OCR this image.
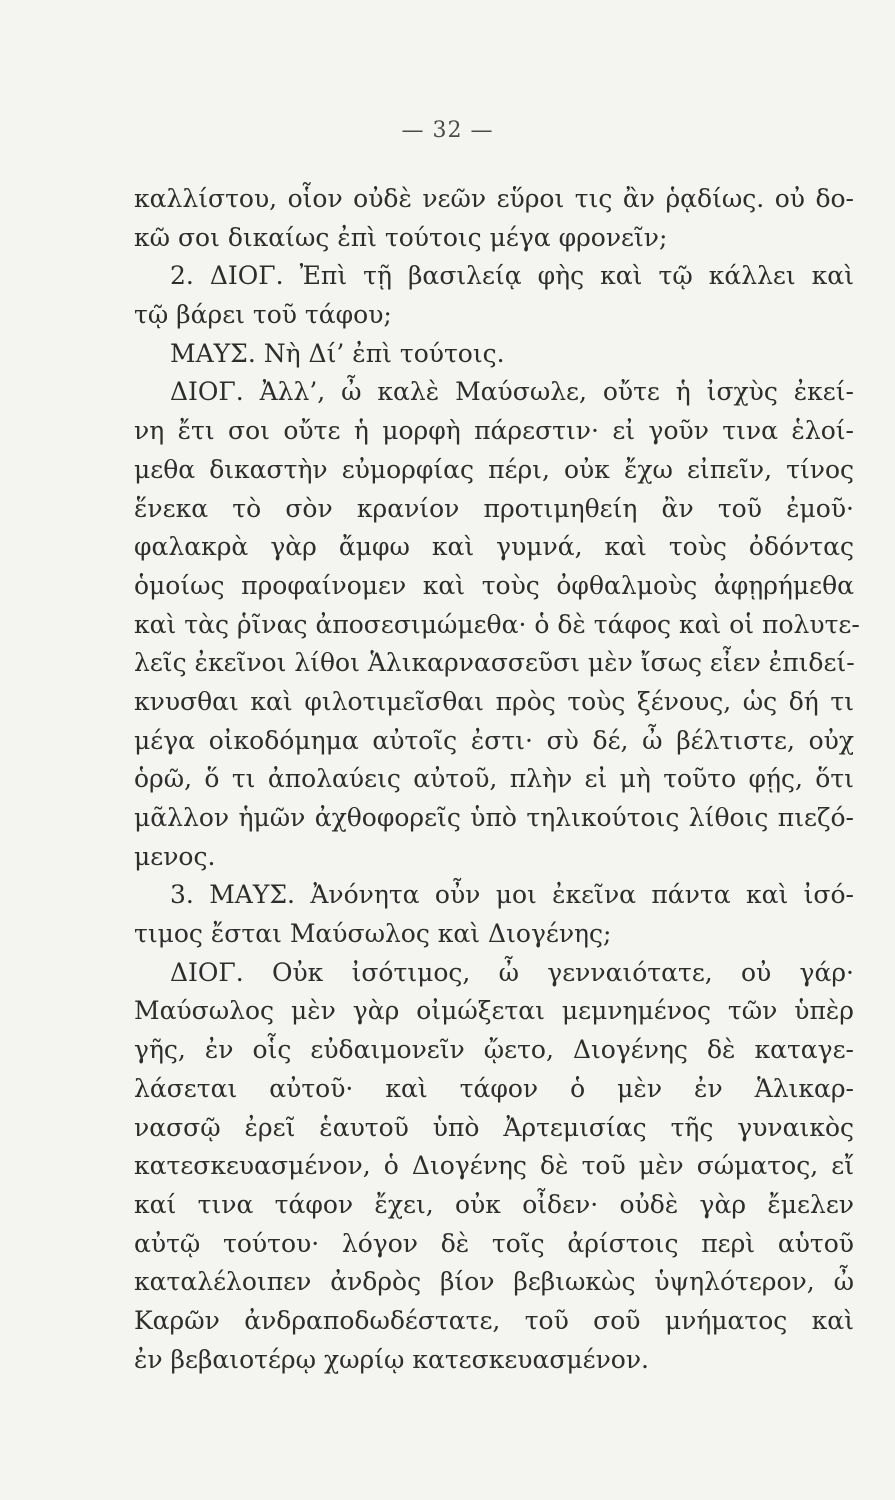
— 32 —
καλλίστου, οἷον οὐδὲ νεῶν εὕροι τις ἂν ῥᾳδίως. οὐ δο-
κῶ σοι δικαίως ἐπὶ τούτοις μέγα φρονεῖν;
2. ΔΙΟΓ. Ἐπὶ τῇ βασιλείᾳ φὴς καὶ τῷ κάλλει καὶ
τῷ βάρει τοῦ τάφου;
ΜΑΥΣ. Νὴ Δί’ ἐπὶ τούτοις.
ΔΙΟΓ. Ἀλλ’, ὦ καλὲ Μαύσωλε, οὔτε ἡ ἰσχὺς ἐκεί-
νη ἔτι σοι οὔτε ἡ μορφὴ πάρεστιν· εἰ γοῦν τινα ἑλοί-
μεθα δικαστὴν εὐμορφίας πέρι, οὐκ ἔχω εἰπεῖν, τίνος
ἕνεκα τὸ σὸν κρανίον προτιμηθείη ἂν τοῦ ἐμοῦ·
φαλακρὰ γὰρ ἄμφω καὶ γυμνά, καὶ τοὺς ὀδόντας
ὁμοίως προφαίνομεν καὶ τοὺς ὀφθαλμοὺς ἀφῃρήμεθα
καὶ τὰς ῥῖνας ἀποσεσιμώμεθα· ὁ δὲ τάφος καὶ οἱ πολυτε-
λεῖς ἐκεῖνοι λίθοι Ἁλικαρνασσεῦσι μὲν ἴσως εἶεν ἐπιδεί-
κνυσθαι καὶ φιλοτιμεῖσθαι πρὸς τοὺς ξένους, ὡς δή τι
μέγα οἰκοδόμημα αὐτοῖς ἐστι· σὺ δέ, ὦ βέλτιστε, οὐχ
ὁρῶ, ὅ τι ἀπολαύεις αὐτοῦ, πλὴν εἰ μὴ τοῦτο φῄς, ὅτι
μᾶλλον ἡμῶν ἀχθοφορεῖς ὑπὸ τηλικούτοις λίθοις πιεζό-
μενος.
3. ΜΑΥΣ. Ἀνόνητα οὖν μοι ἐκεῖνα πάντα καὶ ἰσό-
τιμος ἔσται Μαύσωλος καὶ Διογένης;
ΔΙΟΓ. Οὐκ ἰσότιμος, ὦ γενναιότατε, οὐ γάρ·
Μαύσωλος μὲν γὰρ οἰμώξεται μεμνημένος τῶν ὑπὲρ
γῆς, ἐν οἷς εὐδαιμονεῖν ᾤετο, Διογένης δὲ καταγε-
λάσεται αὐτοῦ· καὶ τάφον ὁ μὲν ἐν Ἁλικαρ-
νασσῷ ἐρεῖ ἑαυτοῦ ὑπὸ Ἀρτεμισίας τῆς γυναικὸς
κατεσκευασμένον, ὁ Διογένης δὲ τοῦ μὲν σώματος, εἴ
καί τινα τάφον ἔχει, οὐκ οἶδεν· οὐδὲ γὰρ ἔμελεν
αὐτῷ τούτου· λόγον δὲ τοῖς ἀρίστοις περὶ αὑτοῦ
καταλέλοιπεν ἀνδρὸς βίον βεβιωκὼς ὑψηλότερον, ὦ
Καρῶν ἀνδραποδωδέστατε, τοῦ σοῦ μνήματος καὶ
ἐν βεβαιοτέρῳ χωρίῳ κατεσκευασμένον.
